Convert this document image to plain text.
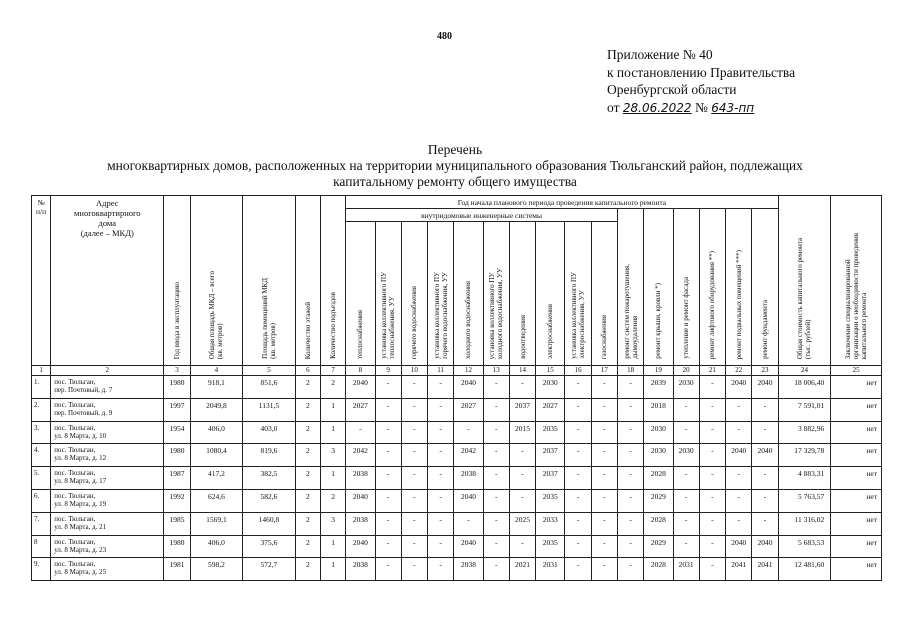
480
Приложение № 40
к постановлению Правительства
Оренбургской области
от 28.06.2022 № 643-пп
Перечень
многоквартирных домов, расположенных на территории муниципального образования Тюльганский район, подлежащих
капитальному ремонту общего имущества
№
п/п	Адрес
многоквартирного
дома
(далее – МКД)	Год ввода в эксплуатацию	Общая площадь МКД – всего
(кв. метров)	Площадь помещений МКД
(кв. метров)	Количество этажей	Количество подъездов	Год начала планового периода проведения капитального ремонта																Общая стоимость капитального ремонта
(тыс. рублей)	Заключение специализированной
организации о необходимости проведения
капитального ремонта

							внутридомовые инженерные системы										ремонт систем пожаротушения,
дымоудаления	ремонт крыши, кровли *)	утепление и ремонт фасада	ремонт лифтового оборудования **)	ремонт подвальных помещений ***)	ремонт фундамента		

							теплоснабжения	установка коллективного ПУ
теплоснабжения, УУ	горячего водоснабжения	установка коллективного ПУ
горячего водоснабжения, УУ	холодного водоснабжения	установка коллективного ПУ
холодного водоснабжения, УУ	водоотведения	электроснабжения	установка коллективного ПУ
электроснабжения, УУ	газоснабжения								

1	2	3	4	5	6	7	8	9	10	11	12	13	14	15	16	17	18	19	20	21	22	23	24	25
1.	пос. Тюльган,
пер. Почтовый, д. 7	1980	918,1	851,6	2	2	2040	-	-	-	2040	-	-	2030	-	-	-	2039	2030	-	2040	2040	18 006,40	нет
2.	пос. Тюльган,
пер. Почтовый, д. 9	1997	2049,8	1131,5	2	1	2027	-	-	-	2027	-	2037	2027	-	-	-	2018	-	-	-	-	7 591,01	нет
3.	пос. Тюльган,
ул. 8 Марта, д. 10	1954	406,0	403,0	2	1	-	-	-	-	-	-	2015	2035	-	-	-	2030	-	-	-	-	3 882,96	нет
4.	пос. Тюльган,
ул. 8 Марта, д. 12	1980	1080,4	819,6	2	3	2042	-	-	-	2042	-	-	2037	-	-	-	2030	2030	-	2040	2040	17 329,78	нет
5.	пос. Тюльган,
ул. 8 Марта, д. 17	1987	417,2	382,5	2	1	2038	-	-	-	2038	-	-	2037	-	-	-	2028	-	-	-	-	4 883,31	нет
6.	пос. Тюльган,
ул. 8 Марта, д. 19	1992	624,6	582,6	2	2	2040	-	-	-	2040	-	-	2035	-	-	-	2029	-	-	-	-	5 763,57	нет
7.	пос. Тюльган,
ул. 8 Марта, д. 21	1985	1569,1	1460,8	2	3	2038	-	-	-	-	-	2025	2033	-	-	-	2028	-	-	-	-	11 316,02	нет
8	пос. Тюльган,
ул. 8 Марта, д. 23	1980	406,0	375,6	2	1	2040	-	-	-	2040	-	-	2035	-	-	-	2029	-	-	2040	2040	5 683,53	нет
9.	пос. Тюльган,
ул. 8 Марта, д. 25	1981	598,2	572,7	2	1	2038	-	-	-	2038	-	2021	2031	-	-	-	2028	2031	-	2041	2041	12 481,60	нет
